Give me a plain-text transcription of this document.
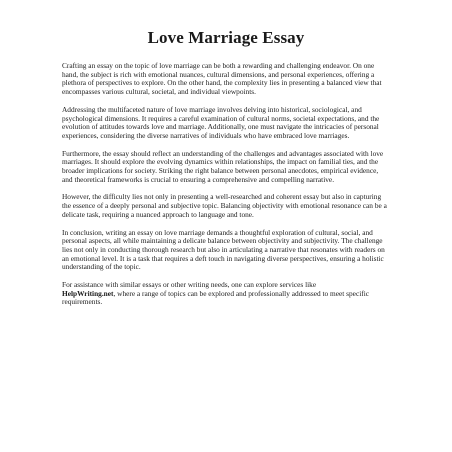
Love Marriage Essay

Crafting an essay on the topic of love marriage can be both a rewarding and challenging endeavor. On one hand, the subject is rich with emotional nuances, cultural dimensions, and personal experiences, offering a plethora of perspectives to explore. On the other hand, the complexity lies in presenting a balanced view that encompasses various cultural, societal, and individual viewpoints.

Addressing the multifaceted nature of love marriage involves delving into historical, sociological, and psychological dimensions. It requires a careful examination of cultural norms, societal expectations, and the evolution of attitudes towards love and marriage. Additionally, one must navigate the intricacies of personal experiences, considering the diverse narratives of individuals who have embraced love marriages.

Furthermore, the essay should reflect an understanding of the challenges and advantages associated with love marriages. It should explore the evolving dynamics within relationships, the impact on familial ties, and the broader implications for society. Striking the right balance between personal anecdotes, empirical evidence, and theoretical frameworks is crucial to ensuring a comprehensive and compelling narrative.

However, the difficulty lies not only in presenting a well-researched and coherent essay but also in capturing the essence of a deeply personal and subjective topic. Balancing objectivity with emotional resonance can be a delicate task, requiring a nuanced approach to language and tone.

In conclusion, writing an essay on love marriage demands a thoughtful exploration of cultural, social, and personal aspects, all while maintaining a delicate balance between objectivity and subjectivity. The challenge lies not only in conducting thorough research but also in articulating a narrative that resonates with readers on an emotional level. It is a task that requires a deft touch in navigating diverse perspectives, ensuring a holistic understanding of the topic.

For assistance with similar essays or other writing needs, one can explore services like
HelpWriting.net, where a range of topics can be explored and professionally addressed to meet specific requirements.
